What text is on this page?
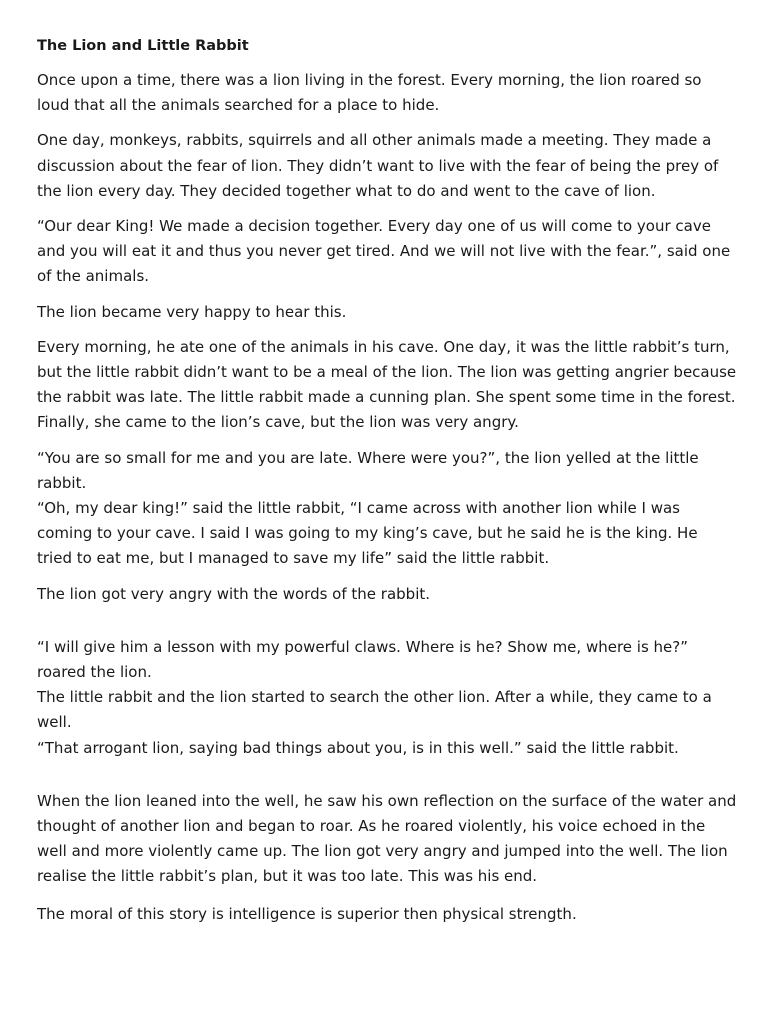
The Lion and Little Rabbit

Once upon a time, there was a lion living in the forest. Every morning, the lion roared so loud that all the animals searched for a place to hide.

One day, monkeys, rabbits, squirrels and all other animals made a meeting. They made a discussion about the fear of lion. They didn’t want to live with the fear of being the prey of the lion every day. They decided together what to do and went to the cave of lion.

“Our dear King! We made a decision together. Every day one of us will come to your cave and you will eat it and thus you never get tired. And we will not live with the fear.”, said one of the animals.

The lion became very happy to hear this.

Every morning, he ate one of the animals in his cave. One day, it was the little rabbit’s turn, but the little rabbit didn’t want to be a meal of the lion. The lion was getting angrier because the rabbit was late. The little rabbit made a cunning plan. She spent some time in the forest. Finally, she came to the lion’s cave, but the lion was very angry.

“You are so small for me and you are late. Where were you?”, the lion yelled at the little rabbit.
“Oh, my dear king!” said the little rabbit, “I came across with another lion while I was coming to your cave. I said I was going to my king’s cave, but he said he is the king. He tried to eat me, but I managed to save my life” said the little rabbit.

The lion got very angry with the words of the rabbit.

“I will give him a lesson with my powerful claws. Where is he? Show me, where is he?” roared the lion.
The little rabbit and the lion started to search the other lion. After a while, they came to a well.
“That arrogant lion, saying bad things about you, is in this well.” said the little rabbit.

When the lion leaned into the well, he saw his own reflection on the surface of the water and thought of another lion and began to roar. As he roared violently, his voice echoed in the well and more violently came up. The lion got very angry and jumped into the well. The lion realise the little rabbit’s plan, but it was too late. This was his end.

The moral of this story is intelligence is superior then physical strength.
